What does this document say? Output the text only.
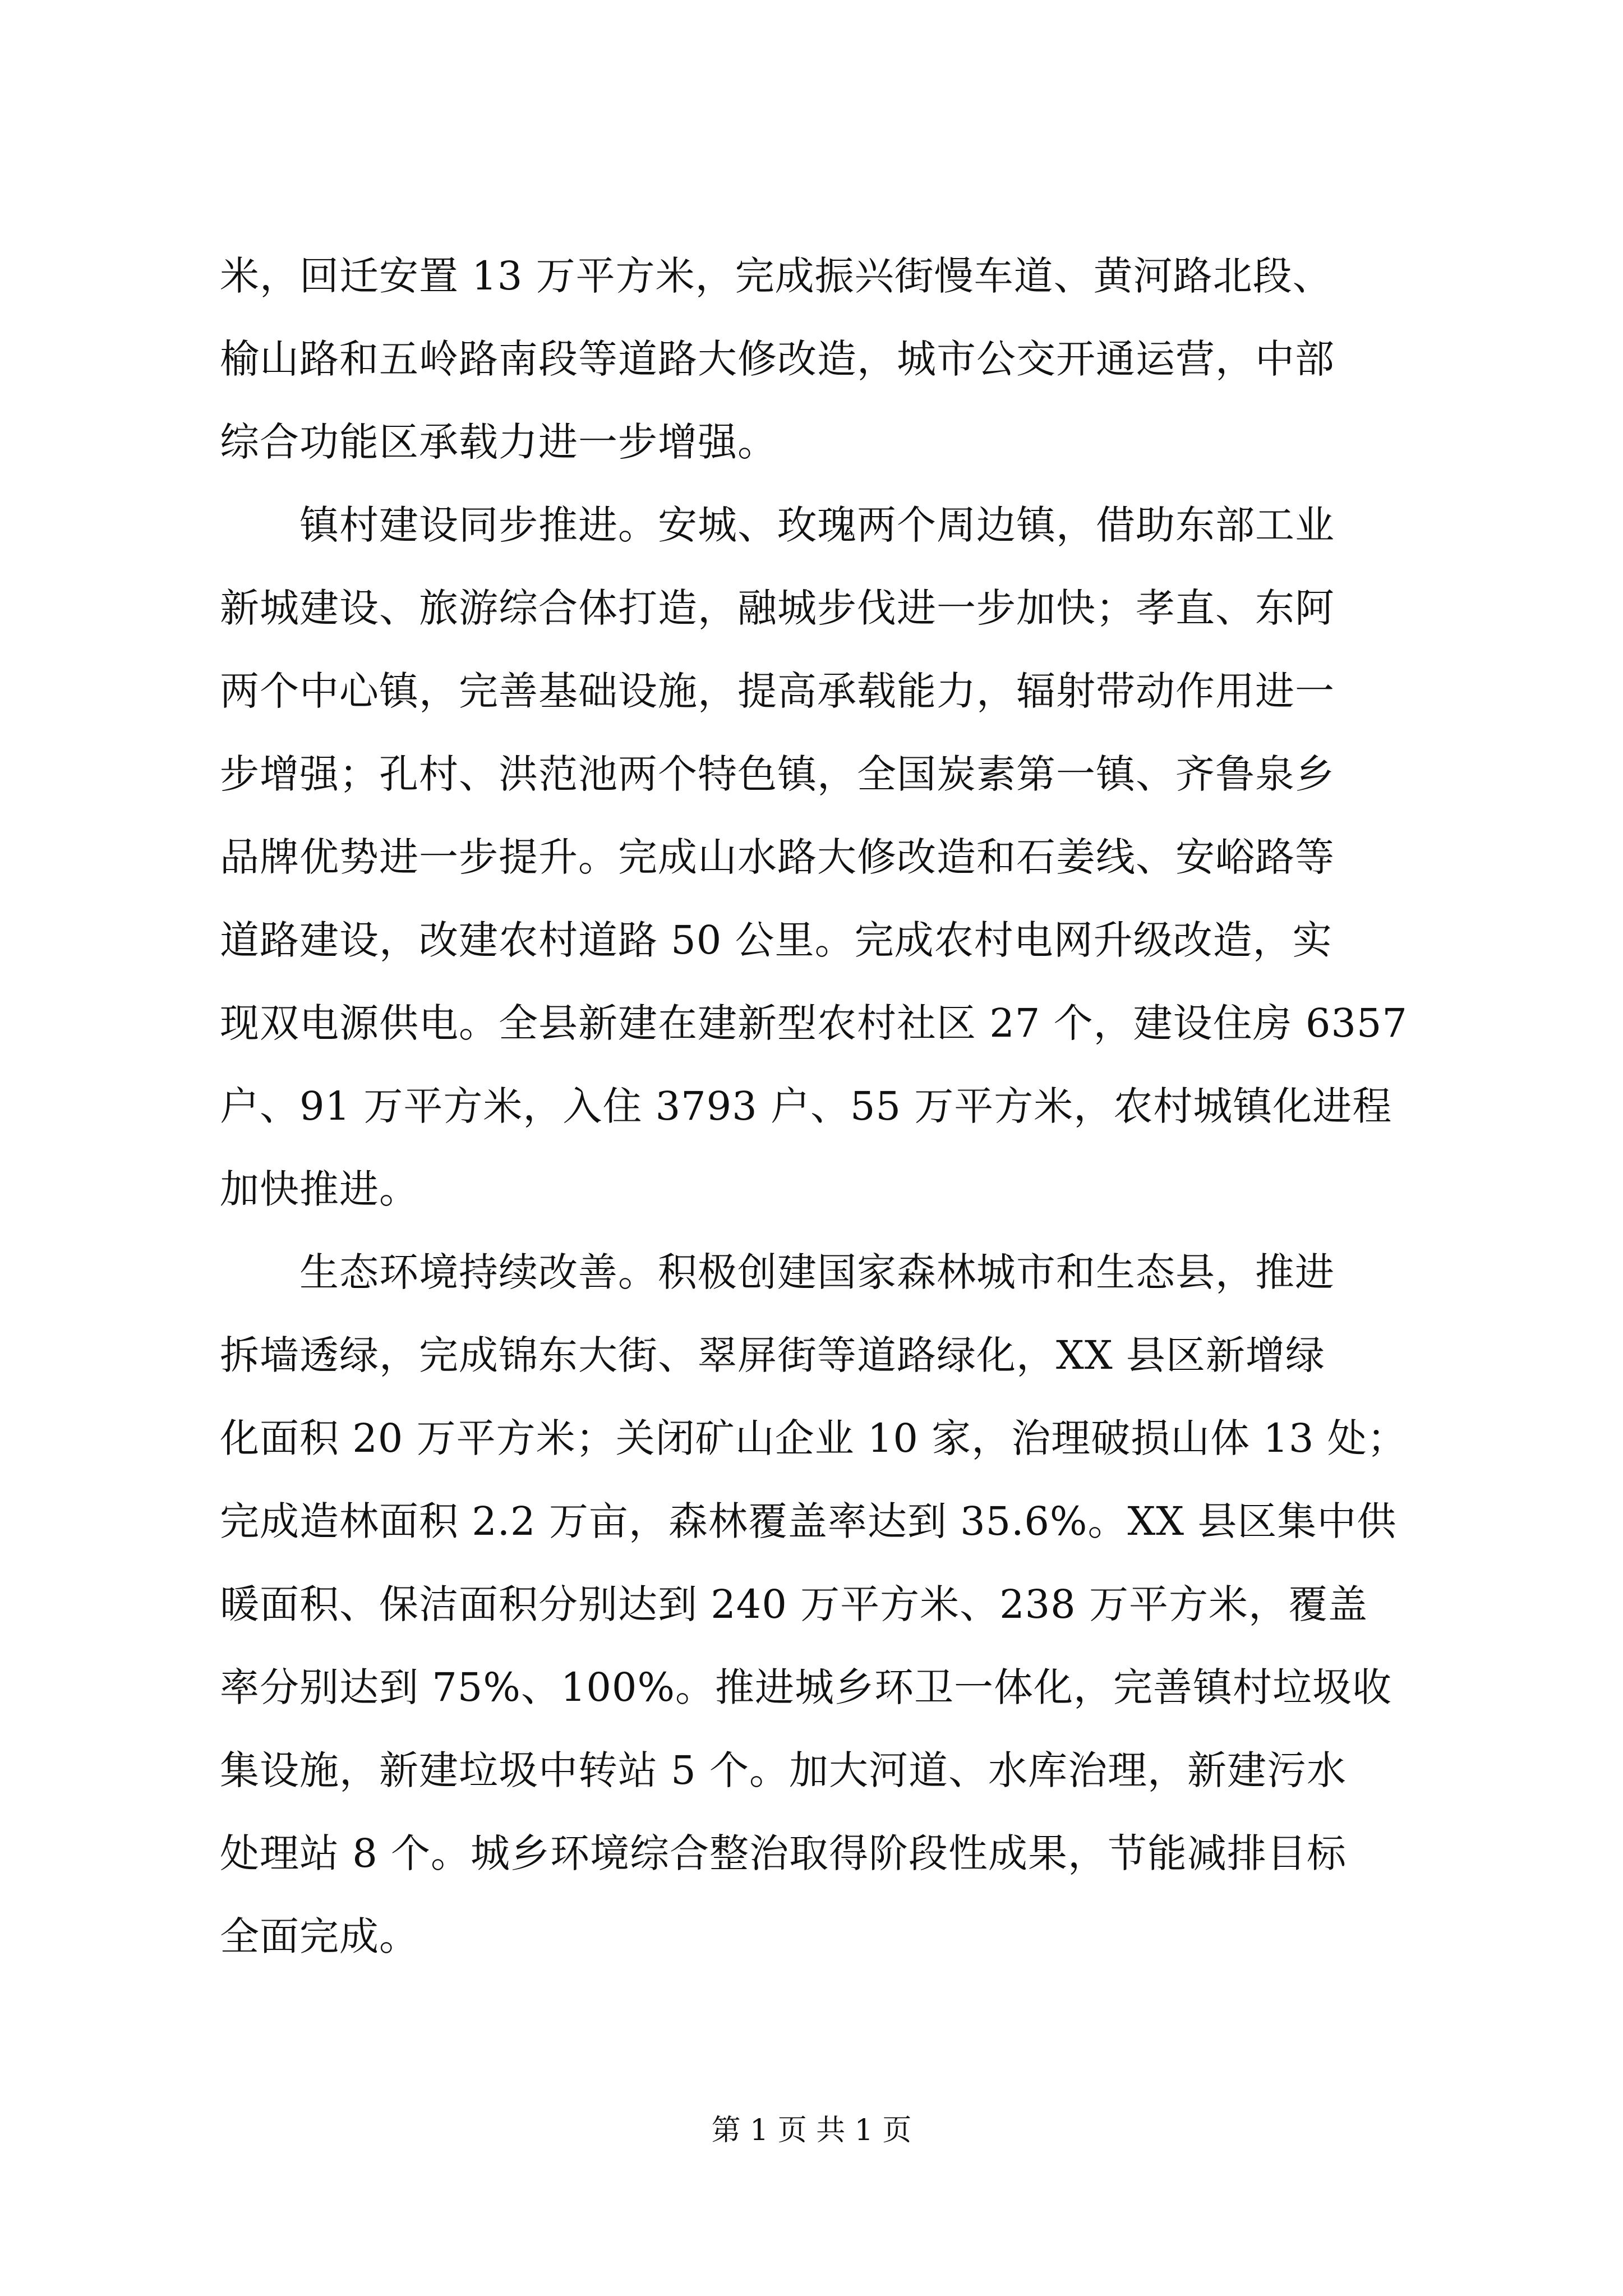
米，回迁安置 13 万平方米，完成振兴街慢车道、黄河路北段、
榆山路和五岭路南段等道路大修改造，城市公交开通运营，中部
综合功能区承载力进一步增强。
　　镇村建设同步推进。安城、玫瑰两个周边镇，借助东部工业
新城建设、旅游综合体打造，融城步伐进一步加快；孝直、东阿
两个中心镇，完善基础设施，提高承载能力，辐射带动作用进一
步增强；孔村、洪范池两个特色镇，全国炭素第一镇、齐鲁泉乡
品牌优势进一步提升。完成山水路大修改造和石姜线、安峪路等
道路建设，改建农村道路 50 公里。完成农村电网升级改造，实
现双电源供电。全县新建在建新型农村社区 27 个，建设住房 6357
户、91 万平方米，入住 3793 户、55 万平方米，农村城镇化进程
加快推进。
　　生态环境持续改善。积极创建国家森林城市和生态县，推进
拆墙透绿，完成锦东大街、翠屏街等道路绿化，XX 县区新增绿
化面积 20 万平方米；关闭矿山企业 10 家，治理破损山体 13 处；
完成造林面积 2.2 万亩，森林覆盖率达到 35.6%。XX 县区集中供
暖面积、保洁面积分别达到 240 万平方米、238 万平方米，覆盖
率分别达到 75%、100%。推进城乡环卫一体化，完善镇村垃圾收
集设施，新建垃圾中转站 5 个。加大河道、水库治理，新建污水
处理站 8 个。城乡环境综合整治取得阶段性成果，节能减排目标
全面完成。
第 1 页 共 1 页
